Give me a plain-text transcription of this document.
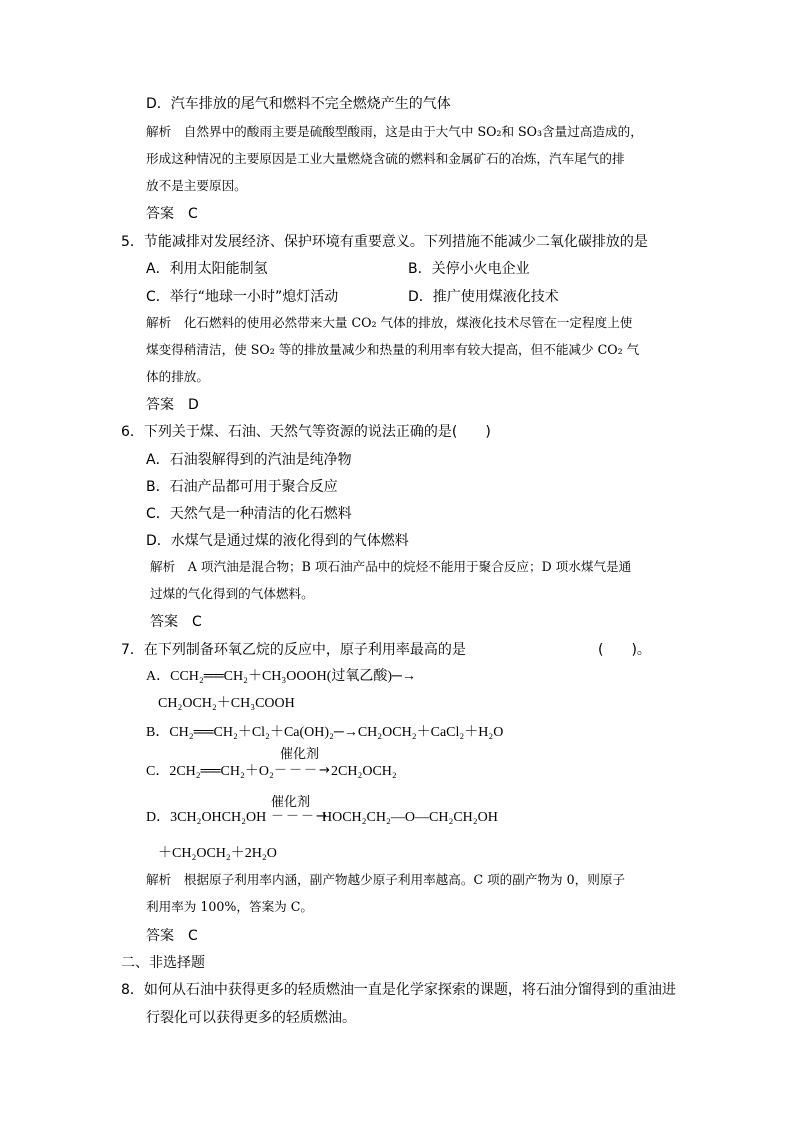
D．汽车排放的尾气和燃料不完全燃烧产生的气体
解析　自然界中的酸雨主要是硫酸型酸雨，这是由于大气中 SO₂和 SO₃含量过高造成的，
形成这种情况的主要原因是工业大量燃烧含硫的燃料和金属矿石的冶炼，汽车尾气的排
放不是主要原因。
答案　C
5．节能减排对发展经济、保护环境有重要意义。下列措施不能减少二氧化碳排放的是
A．利用太阳能制氢	B．关停小火电企业
C．举行“地球一小时”熄灯活动	D．推广使用煤液化技术
解析　化石燃料的使用必然带来大量 CO₂ 气体的排放，煤液化技术尽管在一定程度上使
煤变得稍清洁，使 SO₂ 等的排放量减少和热量的利用率有较大提高，但不能减少 CO₂ 气
体的排放。
答案　D
6．下列关于煤、石油、天然气等资源的说法正确的是(　　)
A．石油裂解得到的汽油是纯净物
B．石油产品都可用于聚合反应
C．天然气是一种清洁的化石燃料
D．水煤气是通过煤的液化得到的气体燃料
解析　A 项汽油是混合物；B 项石油产品中的烷烃不能用于聚合反应；D 项水煤气是通
过煤的气化得到的气体燃料。
答案　C
7．在下列制备环氧乙烷的反应中，原子利用率最高的是	(　　)。
A．CCH₂══CH₂＋CH₃OOOH(过氧乙酸)─→
CH₂OCH₂＋CH₃COOH
B．CH₂══CH₂＋Cl₂＋Ca(OH)₂─→CH₂OCH₂＋CaCl₂＋H₂O
催化剂
C．2CH₂══CH₂＋O₂ －－－→ 2CH₂OCH₂
催化剂
D．3CH₂OHCH₂OH －－－→
HOCH₂CH₂—O—CH₂CH₂OH
＋CH₂OCH₂＋2H₂O
解析　根据原子利用率内涵，副产物越少原子利用率越高。C 项的副产物为 0，则原子
利用率为 100%，答案为 C。
答案　C
二、非选择题
8．如何从石油中获得更多的轻质燃油一直是化学家探索的课题，将石油分馏得到的重油进
行裂化可以获得更多的轻质燃油。
